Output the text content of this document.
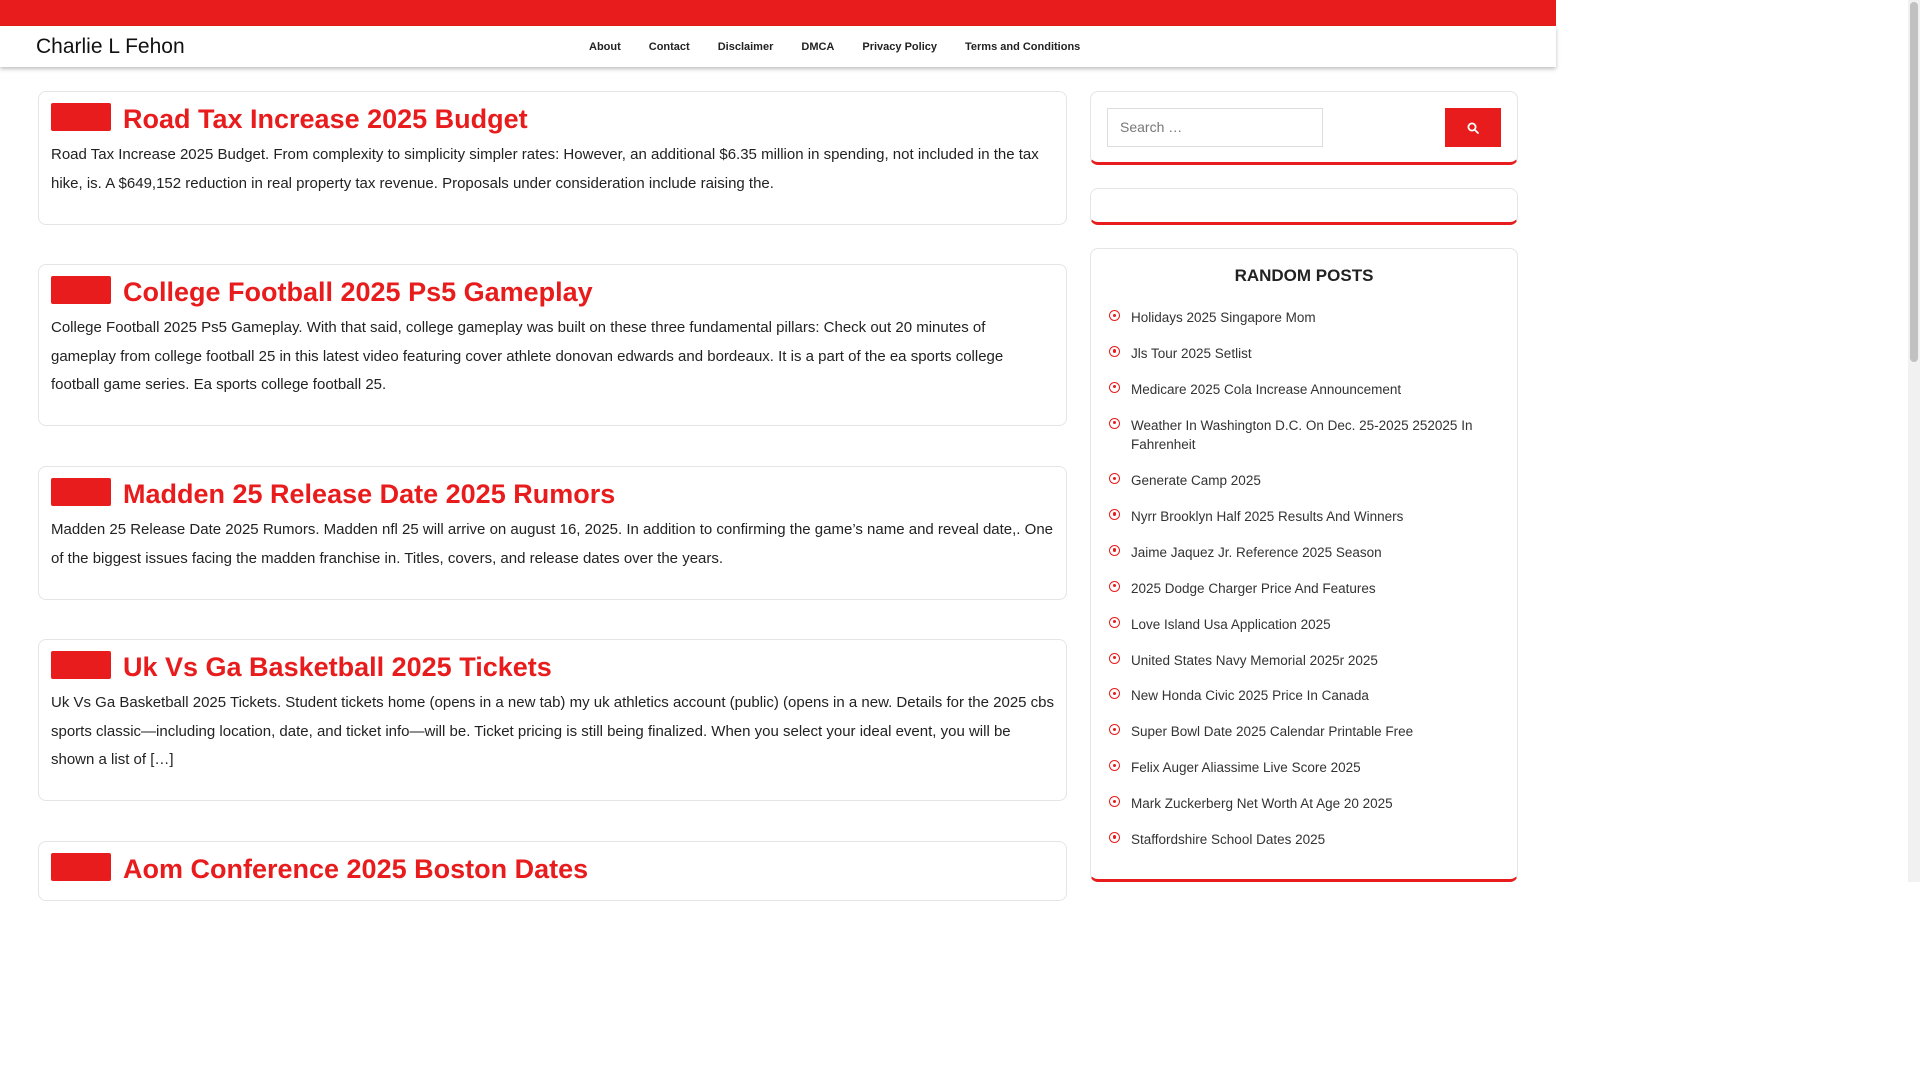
Charlie L Fehon	About	Contact	Disclaimer	DMCA	Privacy Policy	Terms and Conditions
Road Tax Increase 2025 Budget

Road Tax Increase 2025 Budget. From complexity to simplicity simpler rates: However, an additional $6.35 million in spending, not included in the tax hike, is. A $649,152 reduction in real property tax revenue. Proposals under consideration include raising the.

College Football 2025 Ps5 Gameplay

College Football 2025 Ps5 Gameplay. With that said, college gameplay was built on these three fundamental pillars: Check out 20 minutes of gameplay from college football 25 in this latest video featuring cover athlete donovan edwards and bordeaux. It is a part of the ea sports college football game series. Ea sports college football 25.

Madden 25 Release Date 2025 Rumors

Madden 25 Release Date 2025 Rumors. Madden nfl 25 will arrive on august 16, 2025. In addition to confirming the game’s name and reveal date,. One of the biggest issues facing the madden franchise in. Titles, covers, and release dates over the years.

Uk Vs Ga Basketball 2025 Tickets

Uk Vs Ga Basketball 2025 Tickets. Student tickets home (opens in a new tab) my uk athletics account (public) (opens in a new. Details for the 2025 cbs sports classic—including location, date, and ticket info—will be. Ticket pricing is still being finalized. When you select your ideal event, you will be shown a list of […]

Aom Conference 2025 Boston Dates
Search …
RANDOM POSTS
Holidays 2025 Singapore Mom
Jls Tour 2025 Setlist
Medicare 2025 Cola Increase Announcement
Weather In Washington D.C. On Dec. 25-2025 252025 In Fahrenheit
Generate Camp 2025
Nyrr Brooklyn Half 2025 Results And Winners
Jaime Jaquez Jr. Reference 2025 Season
2025 Dodge Charger Price And Features
Love Island Usa Application 2025
United States Navy Memorial 2025r 2025
New Honda Civic 2025 Price In Canada
Super Bowl Date 2025 Calendar Printable Free
Felix Auger Aliassime Live Score 2025
Mark Zuckerberg Net Worth At Age 20 2025
Staffordshire School Dates 2025
